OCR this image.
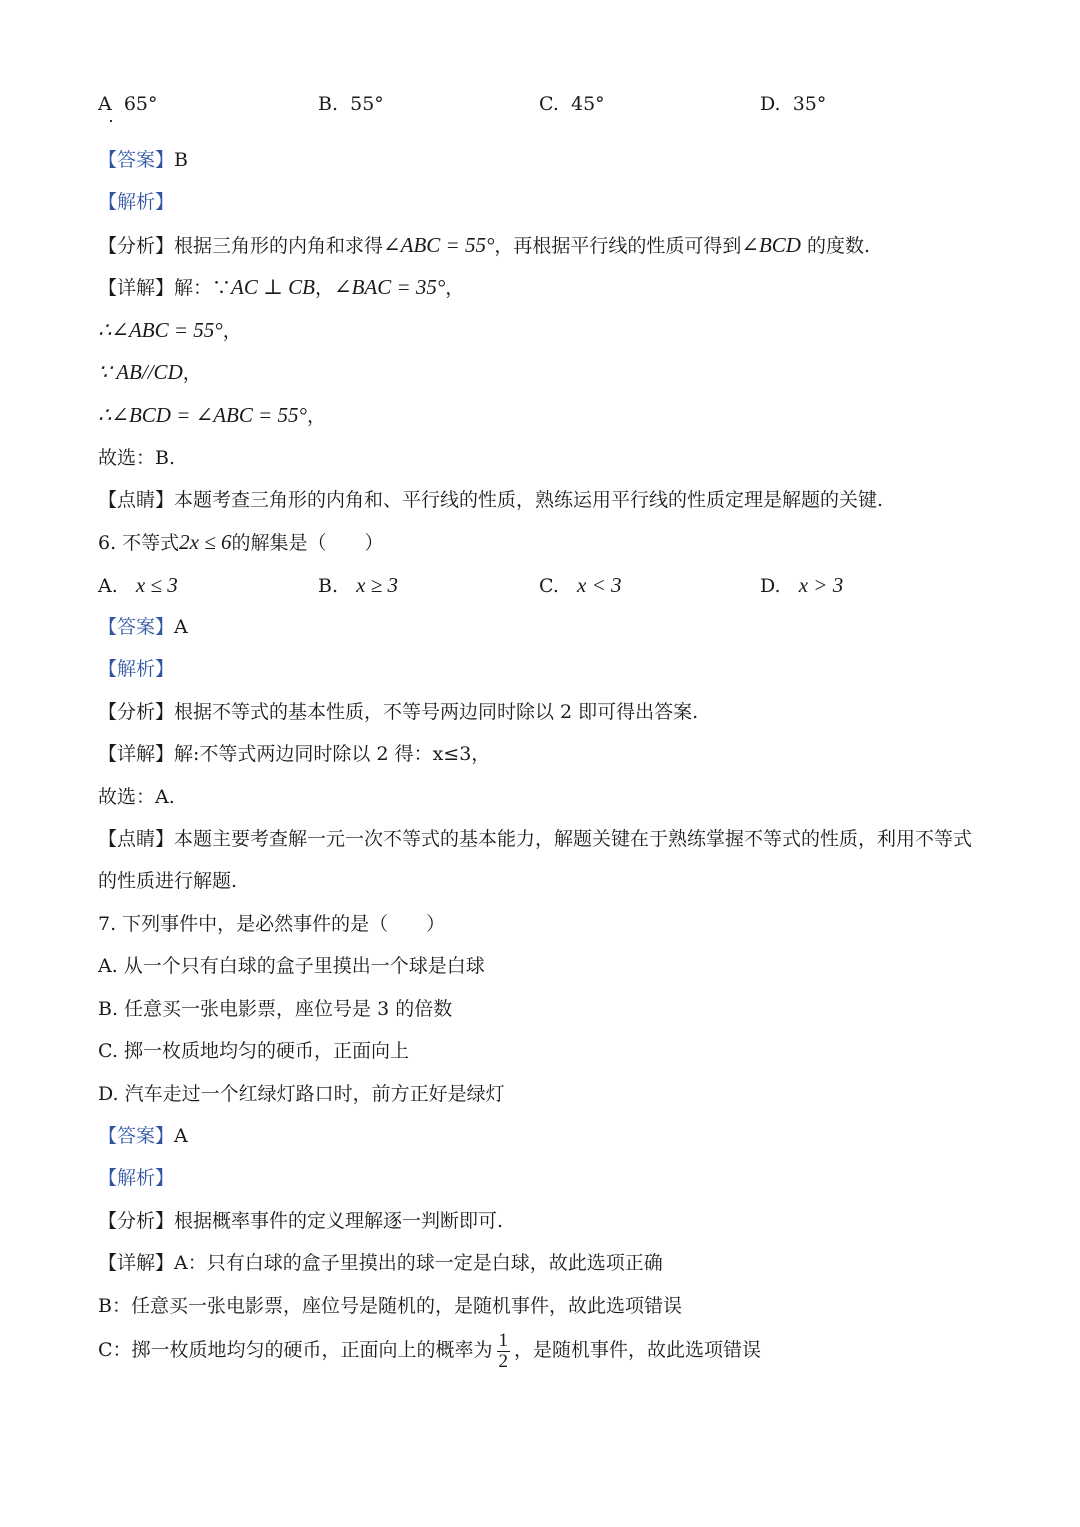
A 65°	B. 55°	C. 45°	D. 35°
【答案】B
【解析】
【分析】根据三角形的内角和求得∠ABC = 55°，再根据平行线的性质可得到∠BCD 的度数.
【详解】解：∵AC ⊥ CB，∠BAC = 35°，
∴∠ABC = 55°，
∵ AB//CD，
∴∠BCD = ∠ABC = 55°，
故选：B.
【点睛】本题考查三角形的内角和、平行线的性质，熟练运用平行线的性质定理是解题的关键.
6. 不等式2x ≤ 6的解集是（　　）
A. x ≤ 3	B. x ≥ 3	C. x < 3	D. x > 3
【答案】A
【解析】
【分析】根据不等式的基本性质，不等号两边同时除以 2 即可得出答案.
【详解】解:不等式两边同时除以 2 得：x≤3，
故选：A.
【点睛】本题主要考查解一元一次不等式的基本能力，解题关键在于熟练掌握不等式的性质，利用不等式
的性质进行解题.
7. 下列事件中，是必然事件的是（　　）
A. 从一个只有白球的盒子里摸出一个球是白球
B. 任意买一张电影票，座位号是 3 的倍数
C. 掷一枚质地均匀的硬币，正面向上
D. 汽车走过一个红绿灯路口时，前方正好是绿灯
【答案】A
【解析】
【分析】根据概率事件的定义理解逐一判断即可.
【详解】A：只有白球的盒子里摸出的球一定是白球，故此选项正确
B：任意买一张电影票，座位号是随机的，是随机事件，故此选项错误
C：掷一枚质地均匀的硬币，正面向上的概率为 $\frac{1}{2}$ ，是随机事件，故此选项错误
